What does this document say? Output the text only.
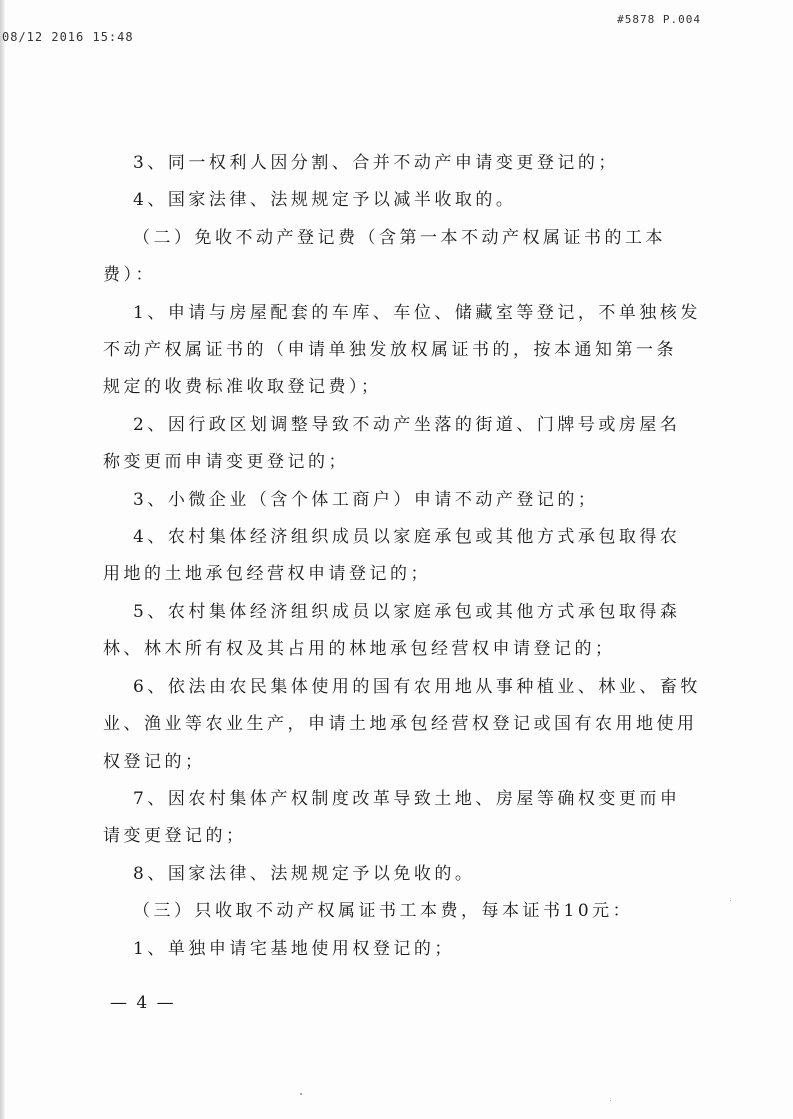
08/12 2016 15:48
#5878 P.004

3、同一权利人因分割、合并不动产申请变更登记的；

4、国家法律、法规规定予以减半收取的。

（二）免收不动产登记费（含第一本不动产权属证书的工本

费）：

1、申请与房屋配套的车库、车位、储藏室等登记，不单独核发

不动产权属证书的（申请单独发放权属证书的，按本通知第一条

规定的收费标准收取登记费）；

2、因行政区划调整导致不动产坐落的街道、门牌号或房屋名

称变更而申请变更登记的；

3、小微企业（含个体工商户）申请不动产登记的；

4、农村集体经济组织成员以家庭承包或其他方式承包取得农

用地的土地承包经营权申请登记的；

5、农村集体经济组织成员以家庭承包或其他方式承包取得森

林、林木所有权及其占用的林地承包经营权申请登记的；

6、依法由农民集体使用的国有农用地从事种植业、林业、畜牧

业、渔业等农业生产，申请土地承包经营权登记或国有农用地使用

权登记的；

7、因农村集体产权制度改革导致土地、房屋等确权变更而申

请变更登记的；

8、国家法律、法规规定予以免收的。

（三）只收取不动产权属证书工本费，每本证书10元：

1、单独申请宅基地使用权登记的；

— 4 —
